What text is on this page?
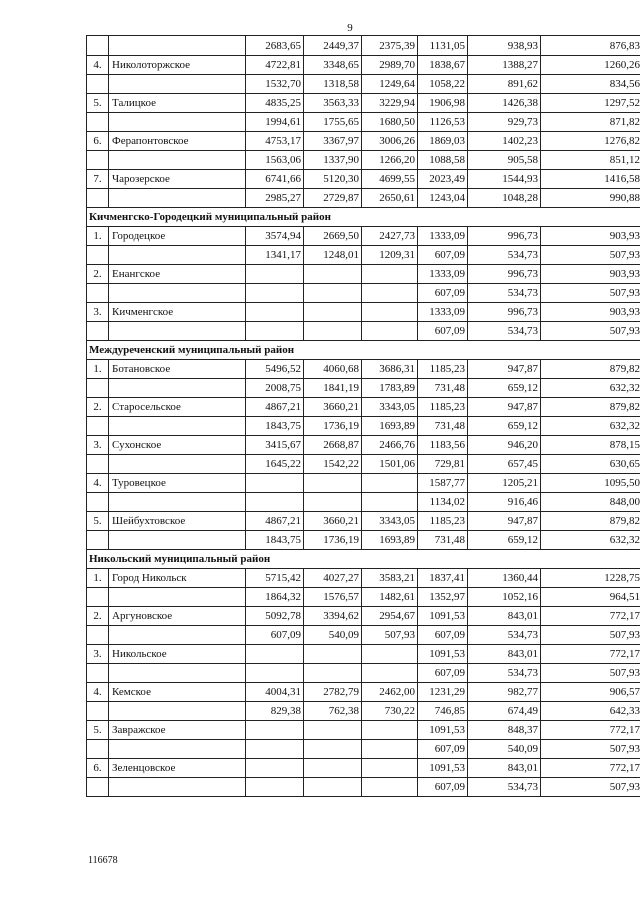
9
		2683,65	2449,37	2375,39	1131,05	938,93	876,83
4.	Николоторжское	4722,81	3348,65	2989,70	1838,67	1388,27	1260,26
		1532,70	1318,58	1249,64	1058,22	891,62	834,56
5.	Талицкое	4835,25	3563,33	3229,94	1906,98	1426,38	1297,52
		1994,61	1755,65	1680,50	1126,53	929,73	871,82
6.	Ферапонтовское	4753,17	3367,97	3006,26	1869,03	1402,23	1276,82
		1563,06	1337,90	1266,20	1088,58	905,58	851,12
7.	Чарозерское	6741,66	5120,30	4699,55	2023,49	1544,93	1416,58
		2985,27	2729,87	2650,61	1243,04	1048,28	990,88
Кичменгско-Городецкий муниципальный район							
1.	Городецкое	3574,94	2669,50	2427,73	1333,09	996,73	903,93
		1341,17	1248,01	1209,31	607,09	534,73	507,93
2.	Енангское				1333,09	996,73	903,93
					607,09	534,73	507,93
3.	Кичменгское				1333,09	996,73	903,93
					607,09	534,73	507,93
Междуреченский муниципальный район							
1.	Ботановское	5496,52	4060,68	3686,31	1185,23	947,87	879,82
		2008,75	1841,19	1783,89	731,48	659,12	632,32
2.	Старосельское	4867,21	3660,21	3343,05	1185,23	947,87	879,82
		1843,75	1736,19	1693,89	731,48	659,12	632,32
3.	Сухонское	3415,67	2668,87	2466,76	1183,56	946,20	878,15
		1645,22	1542,22	1501,06	729,81	657,45	630,65
4.	Туровецкое				1587,77	1205,21	1095,50
					1134,02	916,46	848,00
5.	Шейбухтовское	4867,21	3660,21	3343,05	1185,23	947,87	879,82
		1843,75	1736,19	1693,89	731,48	659,12	632,32
Никольский муниципальный район							
1.	Город Никольск	5715,42	4027,27	3583,21	1837,41	1360,44	1228,75
		1864,32	1576,57	1482,61	1352,97	1052,16	964,51
2.	Аргуновское	5092,78	3394,62	2954,67	1091,53	843,01	772,17
		607,09	540,09	507,93	607,09	534,73	507,93
3.	Никольское				1091,53	843,01	772,17
					607,09	534,73	507,93
4.	Кемское	4004,31	2782,79	2462,00	1231,29	982,77	906,57
		829,38	762,38	730,22	746,85	674,49	642,33
5.	Завражское				1091,53	848,37	772,17
					607,09	540,09	507,93
6.	Зеленцовское				1091,53	843,01	772,17
					607,09	534,73	507,93
116678
